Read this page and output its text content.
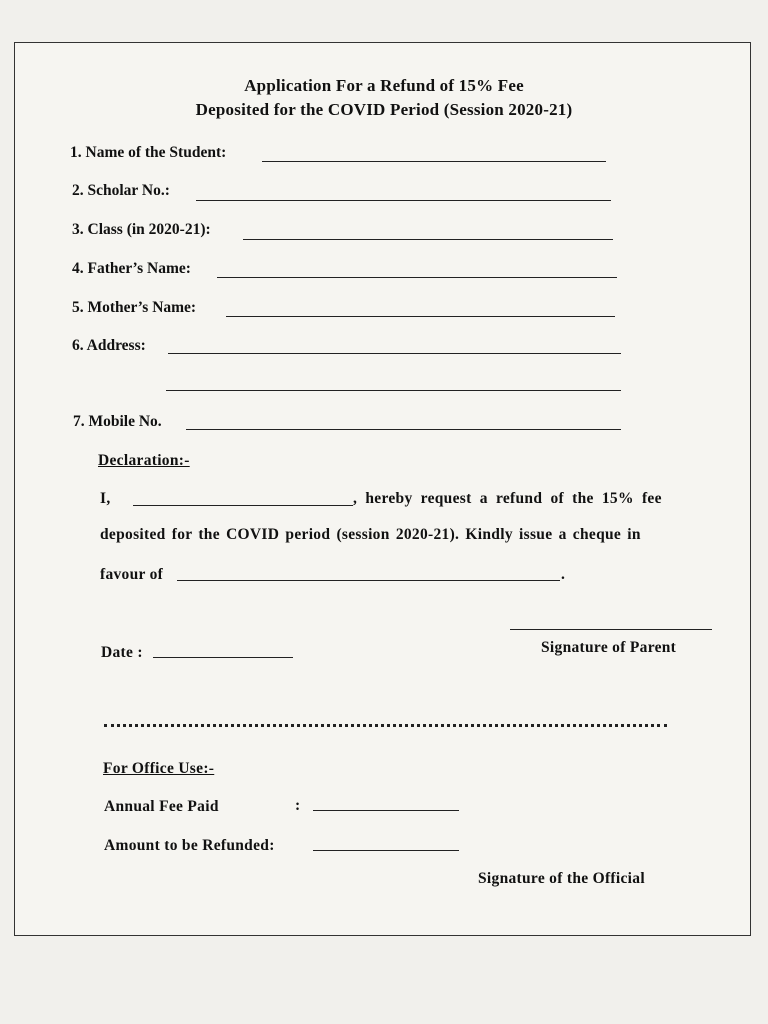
Application For a Refund of 15% Fee
Deposited for the COVID Period (Session 2020-21)
1. Name of the Student:
2. Scholar No.:
3. Class (in 2020-21):
4. Father’s Name:
5. Mother’s Name:
6. Address:
7. Mobile No.
Declaration:-
I,	, hereby request a refund of the 15% fee
deposited for the COVID period (session 2020-21). Kindly issue a cheque in
favour of	.
Signature of Parent
Date :
For Office Use:-
Annual Fee Paid	:
Amount to be Refunded:
Signature of the Official
